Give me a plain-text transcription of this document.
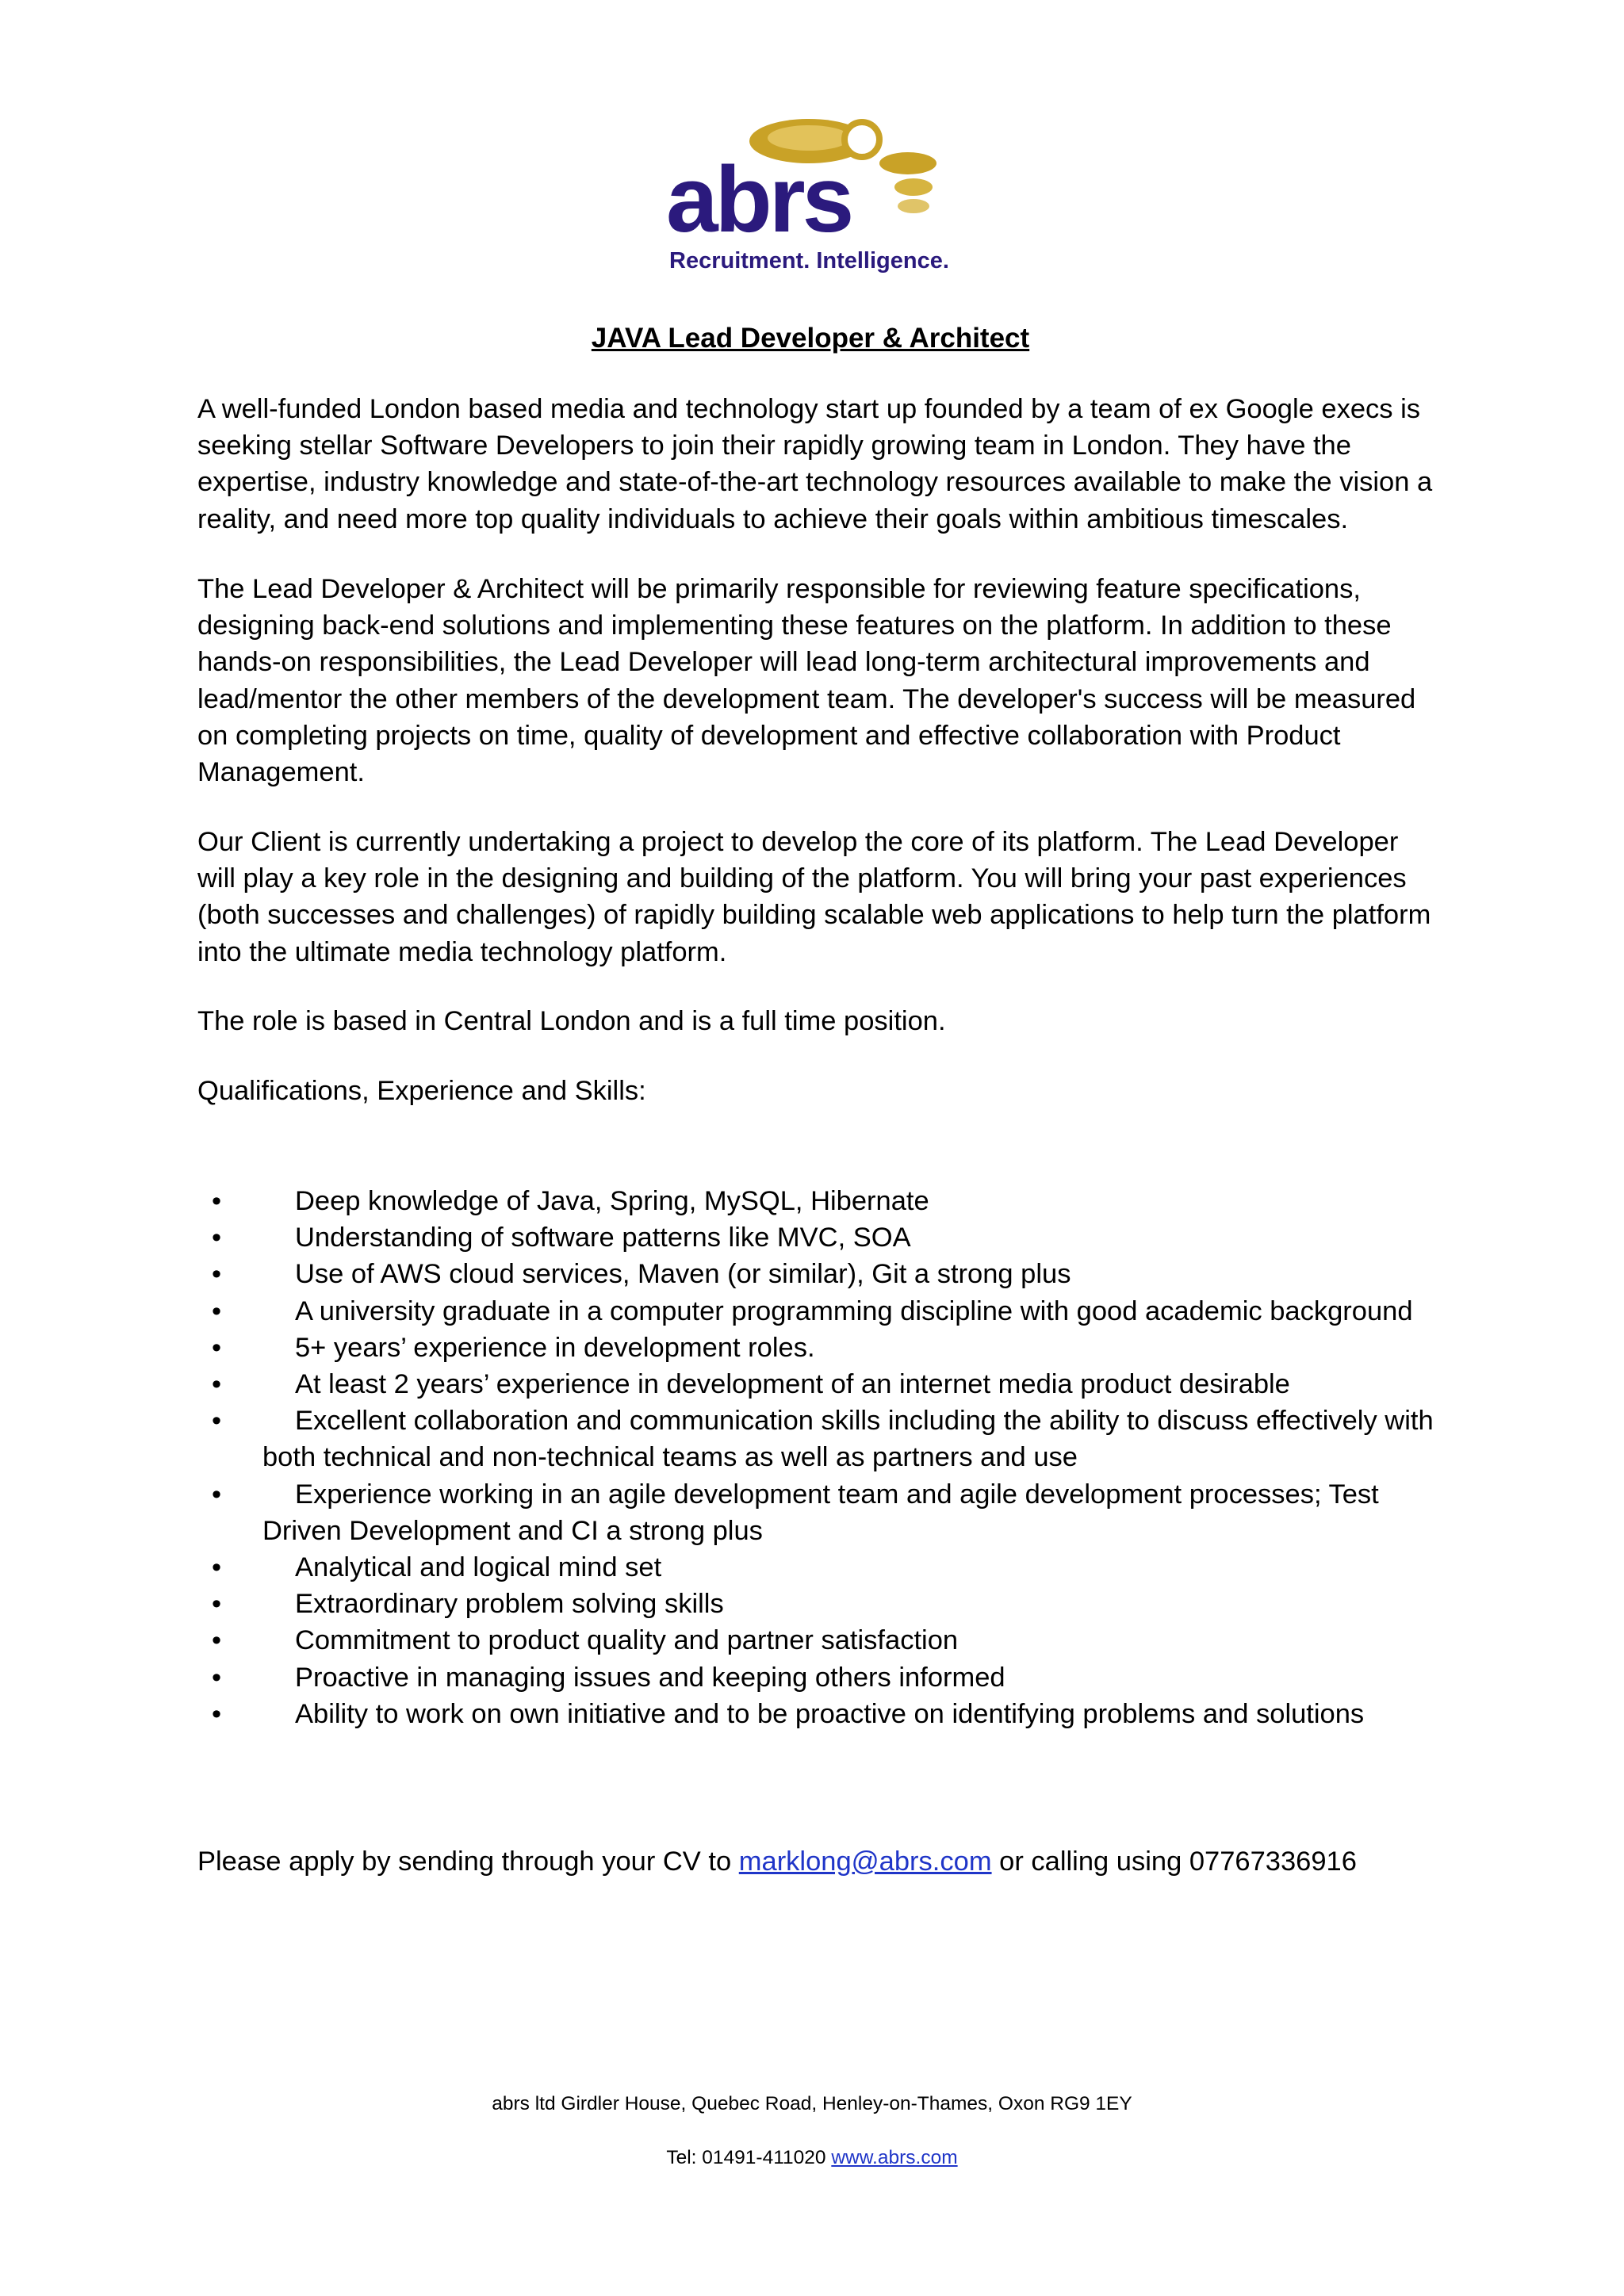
abrs
Recruitment. Intelligence.
JAVA Lead Developer & Architect

A well-funded London based media and technology start up founded by a team of ex Google execs is seeking stellar Software Developers to join their rapidly growing team in London. They have the expertise, industry knowledge and state-of-the-art technology resources available to make the vision a reality, and need more top quality individuals to achieve their goals within ambitious timescales.

The Lead Developer & Architect will be primarily responsible for reviewing feature specifications, designing back-end solutions and implementing these features on the platform. In addition to these hands-on responsibilities, the Lead Developer will lead long-term architectural improvements and lead/mentor the other members of the development team. The developer's success will be measured on completing projects on time, quality of development and effective collaboration with Product Management.

Our Client is currently undertaking a project to develop the core of its platform. The Lead Developer will play a key role in the designing and building of the platform. You will bring your past experiences (both successes and challenges) of rapidly building scalable web applications to help turn the platform into the ultimate media technology platform.

The role is based in Central London and is a full time position.

Qualifications, Experience and Skills:

•	Deep knowledge of Java, Spring, MySQL, Hibernate
•	Understanding of software patterns like MVC, SOA
•	Use of AWS cloud services, Maven (or similar), Git a strong plus
•	A university graduate in a computer programming discipline with good academic background
•	5+ years’ experience in development roles.
•	At least 2 years’ experience in development of an internet media product desirable
•	Excellent collaboration and communication skills including the ability to discuss effectively with both technical and non-technical teams as well as partners and use
•	Experience working in an agile development team and agile development processes; Test Driven Development and CI a strong plus
•	Analytical and logical mind set
•	Extraordinary problem solving skills
•	Commitment to product quality and partner satisfaction
•	Proactive in managing issues and keeping others informed
•	Ability to work on own initiative and to be proactive on identifying problems and solutions
Please apply by sending through your CV to marklong@abrs.com or calling using 07767336916
abrs ltd Girdler House, Quebec Road, Henley-on-Thames, Oxon RG9 1EY
Tel: 01491-411020 www.abrs.com
